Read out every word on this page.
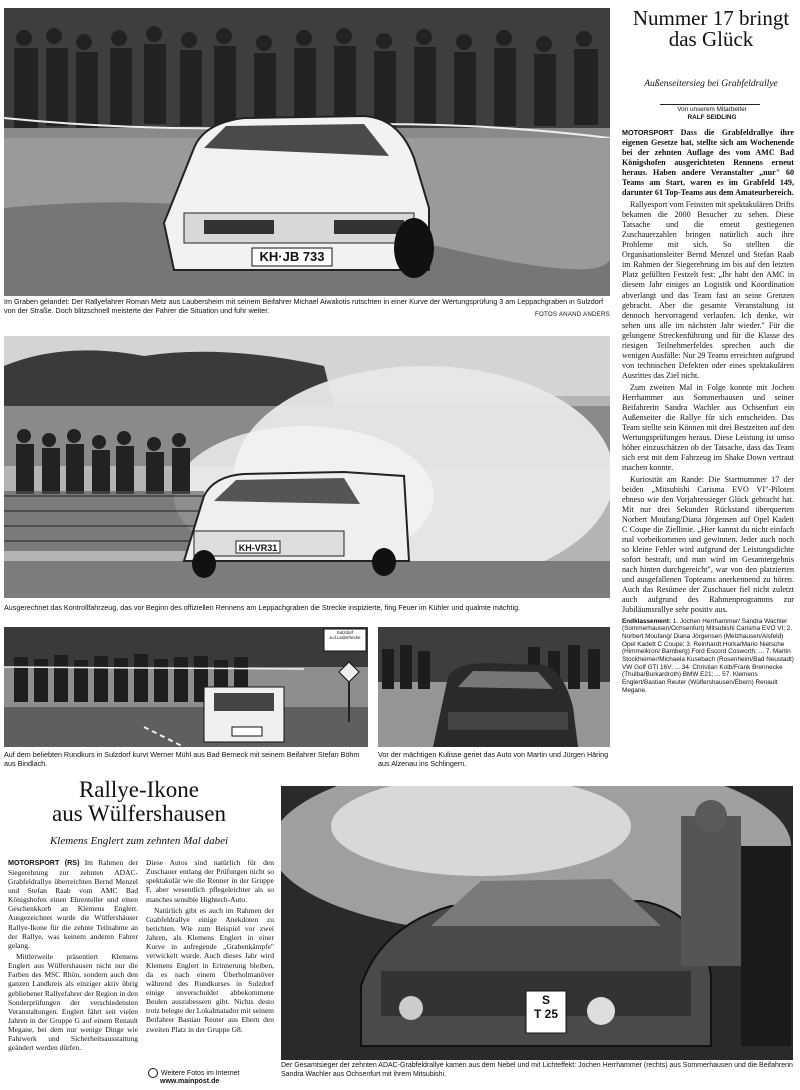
KH·JB 733
Im Graben gelandet: Der Rallyefahrer Roman Metz aus Laubersheim mit seinem Beifahrer Michael Aiwaliotis rutschten in einer Kurve der Wertungsprüfung 3 am Leppachgraben in Sulzdorf von der Straße. Doch blitzschnell meisterte der Fahrer die Situation und fuhr weiter.	FOTOS ANAND ANDERS
KH-VR31
Ausgerechnet das Kontrollfahrzeug, das vor Beginn des offiziellen Rennens am Leppachgraben die Strecke inspizierte, fing Feuer im Kühler und qualmte mächtig.
Sulzdorf a.d.Lederhecke
Auf dem beliebten Rundkurs in Sulzdorf kurvt Werner Mühl aus Bad Berneck mit seinem Beifahrer Stefan Böhm aus Bindlach.
Vor der mächtigen Kulisse geriet das Auto von Martin und Jürgen Häring aus Alzenau ins Schlingern.
Nummer 17 bringt das Glück
Außenseitersieg bei Grabfeldrallye
Von unserem Mitarbeiter
RALF SEIDLING

MOTORSPORT Dass die Grabfeldrallye ihre eigenen Gesetze hat, stellte sich am Wochenende bei der zehnten Auflage des vom AMC Bad Königshofen ausgerichteten Rennens erneut heraus. Haben andere Veranstalter „nur" 60 Teams am Start, waren es im Grabfeld 149, darunter 61 Top-Teams aus dem Amateurbereich.

Rallyesport vom Feinsten mit spektakulären Drifts bekamen die 2000 Besucher zu sehen. Diese Tatsache und die erneut gestiegenen Zuschauerzahlen bringen natürlich auch ihre Probleme mit sich. So stellten die Organisationsleiter Bernd Menzel und Stefan Raab im Rahmen der Siegerehrung im bis auf den letzten Platz gefüllten Festzelt fest: „Ihr habt den AMC in diesem Jahr einiges an Logistik und Koordination abverlangt und das Team fast an seine Grenzen gebracht. Aber die gesamte Veranstaltung ist dennoch hervorragend verlaufen. Ich denke, wir sehen uns alle im nächsten Jahr wieder." Für die gelungene Streckenführung und für die Klasse des riesigen Teilnehmerfeldes sprechen auch die wenigen Ausfälle: Nur 29 Teams erreichten aufgrund von technischen Defekten oder eines spektakulären Ausrittes das Ziel nicht.

Zum zweiten Mal in Folge konnte mit Jochen Herrhammer aus Sommerhausen und seiner Beifahrerin Sandra Wachler aus Ochsenfurt ein Außenseiter die Rallye für sich entscheiden. Das Team stellte sein Können mit drei Bestzeiten auf den Wertungsprüfungen heraus. Diese Leistung ist umso höher einzuschätzen ob der Tatsache, dass das Team sich erst mit dem Fahrzeug im Shake Down vertraut machen konnte.

Kuriosität am Rande: Die Startnummer 17 der beiden „Mitsubishi Carisma EVO VI"-Piloten ebneso wie den Vorjahressieger Glück gebracht hat. Mit nur drei Sekunden Rückstand überquerten Norbert Moufang/Diana Jörgensen auf Opel Kadett C Coupe die Ziellinie. „Hier kannst du nicht einfach mal vorbeikommen und gewinnen. Jeder auch noch so kleine Fehler wird aufgrund der Leistungsdichte sofort bestraft, und man wird im Gesamtergebnis nach hinten durchgereicht", war von den platzierten und ausgefallenen Topteams anerkennend zu hören. Auch das Resümee der Zuschauer fiel nicht zuletzt auch aufgrund des Rahmenprogramms zur Jubiläumsrallye sehr positiv aus.

Endklassement: 1. Jochen Herrhammer/ Sandra Wachler (Sommerhausen/Ochsenfurt) Mitsubishi Carisma EVO VI; 2. Norbert Moufang/ Diana Jörgensen (Melzhausen/Alsfeld) Opel Kadett C Coupe; 3. Reinhardt Horka/Mario Nietsche (Himmelkron/ Bamberg) Ford Escord Cosworth; ... 7. Martin Stockheimer/Michaela Kusebach (Rosenheim/Bad Neustadt) VW Golf GTI 16V; ... 34. Christian Kolb/Frank Brennecke (Thulba/Burkardroth) BMW E21; ... 57. Klemens Englert/Bastian Reuter (Wülfershausen/Ebern) Renault Megane.
Rallye-Ikone
aus Wülfershausen
Klemens Englert zum zehnten Mal dabei

MOTORSPORT (RS) Im Rahmen der Siegerehrung zur zehnten ADAC-Grabfeldrallye überreichten Bernd Menzel und Stefan Raab vom AMC Bad Königshofen einen Ehrenteller und einen Geschenkkorb an Klemens Englert. Ausgezeichnet wurde die Wülfershäuser Rallye-Ikone für die zehnte Teilnahme an der Rallye, was keinem anderen Fahrer gelang.

Mittlerweile präsentiert Klemens Englert aus Wülfershausen nicht nur die Farben des MSC Rhön, sondern auch den ganzen Landkreis als einziger aktiv übrig gebliebener Rallyefahrer der Region in den Sonderprüfungen der verschiedensten Veranstaltungen. Englert fährt seit vielen Jahren in der Gruppe G auf einem Renault Megane, bei dem nur wenige Dinge wie Fahrwerk und Sicherheitsausstattung geändert werden dürfen.

Diese Autos sind natürlich für den Zuschauer entlang der Prüfungen nicht so spektakulär wie die Renner in der Gruppe F, aber wesentlich pflegeleichter als so manches sensible Hightech-Auto.

Natürlich gibt es auch im Rahmen der Grabfeldrallye einige Anekdoten zu berichten. Wie zum Beispiel vor zwei Jahren, als Klemens Englert in einer Kurve in aufregende „Grabenkämpfe" verwickelt wurde. Auch dieses Jahr wird Klemens Englert in Erinnerung bleiben, da es nach einem Überholmanöver während des Rundkurses in Sulzdorf einige unverschuldet abbekommene Beulen auszubessern gibt. Nichts desto trotz belegte der Lokalmatador mit seinem Beifahrer Bastian Reuter aus Ebern den zweiten Platz in der Gruppe G8.

Weitere Fotos im Internet
www.mainpost.de
S
T 25
Der Gesamtsieger der zehnten ADAC-Grabfeldrallye kamen aus dem Nebel und mit Lichteffekt: Jochen Herrhammer (rechts) aus Sommerhausen und die Beifahrerin Sandra Wachler aus Ochsenfurt mit ihrem Mitsubishi.
